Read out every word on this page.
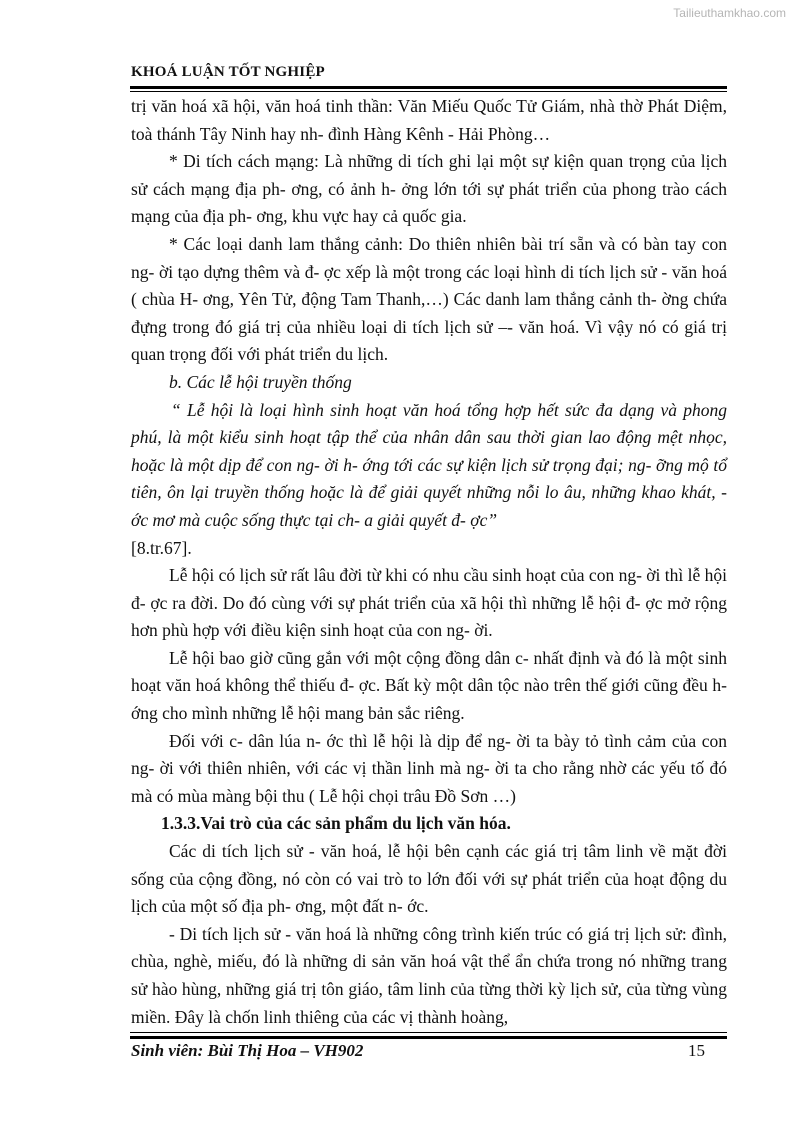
Tailieuthamkhao.com
KHOÁ LUẬN TỐT NGHIỆP

trị văn hoá xã hội, văn hoá tinh thần: Văn Miếu Quốc Tử Giám, nhà thờ Phát Diệm, toà thánh Tây Ninh hay nh- đình Hàng Kênh - Hải Phòng…

* Di tích cách mạng: Là những di tích ghi lại một sự kiện quan trọng của lịch sử cách mạng địa ph- ơng, có ảnh h- ởng lớn tới sự phát triển của phong trào cách mạng của địa ph- ơng, khu vực hay cả quốc gia.

* Các loại danh lam thắng cảnh: Do thiên nhiên bài trí sẵn và có bàn tay con ng- ời tạo dựng thêm và đ- ợc xếp là một trong các loại hình di tích lịch sử - văn hoá ( chùa H- ơng, Yên Tử, động Tam Thanh,…) Các danh lam thắng cảnh th- ờng chứa đựng trong đó giá trị của nhiều loại di tích lịch sử –- văn hoá. Vì vậy nó có giá trị quan trọng đối với phát triển du lịch.

b. Các lễ hội truyền thống

“ Lễ hội là loại hình sinh hoạt văn hoá tổng hợp hết sức đa dạng và phong phú, là một kiểu sinh hoạt tập thể của nhân dân sau thời gian lao động mệt nhọc, hoặc là một dịp để con ng- ời h- ớng tới các sự kiện lịch sử trọng đại; ng- ỡng mộ tổ tiên, ôn lại truyền thống hoặc là để giải quyết những nỗi lo âu, những khao khát, - ớc mơ mà cuộc sống thực tại ch- a giải quyết đ- ợc”

[8.tr.67].

Lễ hội có lịch sử rất lâu đời từ khi có nhu cầu sinh hoạt của con ng- ời thì lễ hội đ- ợc ra đời. Do đó cùng với sự phát triển của xã hội thì những lễ hội đ- ợc mở rộng hơn phù hợp với điều kiện sinh hoạt của con ng- ời.

Lễ hội bao giờ cũng gắn với một cộng đồng dân c- nhất định và đó là một sinh hoạt văn hoá không thể thiếu đ- ợc. Bất kỳ một dân tộc nào trên thế giới cũng đều h- ớng cho mình những lễ hội mang bản sắc riêng.

Đối với c- dân lúa n- ớc thì lễ hội là dịp để ng- ời ta bày tỏ tình cảm của con ng- ời với thiên nhiên, với các vị thần linh mà ng- ời ta cho rằng nhờ các yếu tố đó mà có mùa màng bội thu ( Lễ hội chọi trâu Đồ Sơn …)

1.3.3.Vai trò của các sản phẩm du lịch văn hóa.

Các di tích lịch sử - văn hoá, lễ hội bên cạnh các giá trị tâm linh về mặt đời sống của cộng đồng, nó còn có vai trò to lớn đối với sự phát triển của hoạt động du lịch của một số địa ph- ơng, một đất n- ớc.

- Di tích lịch sử - văn hoá là những công trình kiến trúc có giá trị lịch sử: đình, chùa, nghè, miếu, đó là những di sản văn hoá vật thể ẩn chứa trong nó những trang sử hào hùng, những giá trị tôn giáo, tâm linh của từng thời kỳ lịch sử, của từng vùng miền. Đây là chốn linh thiêng của các vị thành hoàng,

Sinh viên: Bùi Thị Hoa – VH902	15
